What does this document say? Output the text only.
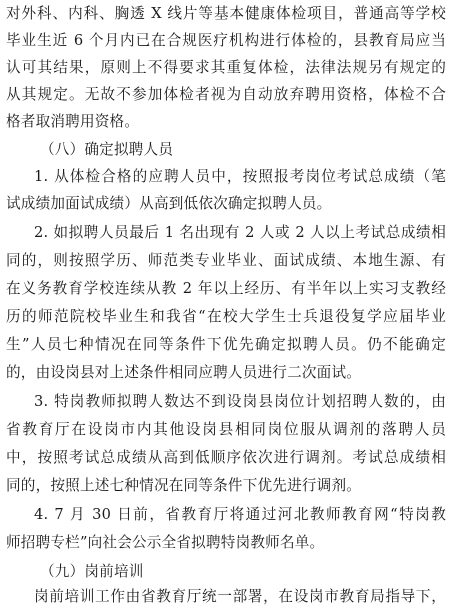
对外科、内科、胸透 X 线片等基本健康体检项目，普通高等学校
毕业生近 6 个月内已在合规医疗机构进行体检的，县教育局应当
认可其结果，原则上不得要求其重复体检，法律法规另有规定的
从其规定。无故不参加体检者视为自动放弃聘用资格，体检不合
格者取消聘用资格。
（八）确定拟聘人员
1. 从体检合格的应聘人员中，按照报考岗位考试总成绩（笔
试成绩加面试成绩）从高到低依次确定拟聘人员。
2. 如拟聘人员最后 1 名出现有 2 人或 2 人以上考试总成绩相
同的，则按照学历、师范类专业毕业、面试成绩、本地生源、有
在义务教育学校连续从教 2 年以上经历、有半年以上实习支教经
历的师范院校毕业生和我省“在校大学生士兵退役复学应届毕业
生”人员七种情况在同等条件下优先确定拟聘人员。仍不能确定
的，由设岗县对上述条件相同应聘人员进行二次面试。
3. 特岗教师拟聘人数达不到设岗县岗位计划招聘人数的，由
省教育厅在设岗市内其他设岗县相同岗位服从调剂的落聘人员
中，按照考试总成绩从高到低顺序依次进行调剂。考试总成绩相
同的，按照上述七种情况在同等条件下优先进行调剂。
4. 7 月 30 日前，省教育厅将通过河北教师教育网“特岗教
师招聘专栏”向社会公示全省拟聘特岗教师名单。
（九）岗前培训
岗前培训工作由省教育厅统一部署，在设岗市教育局指导下，
